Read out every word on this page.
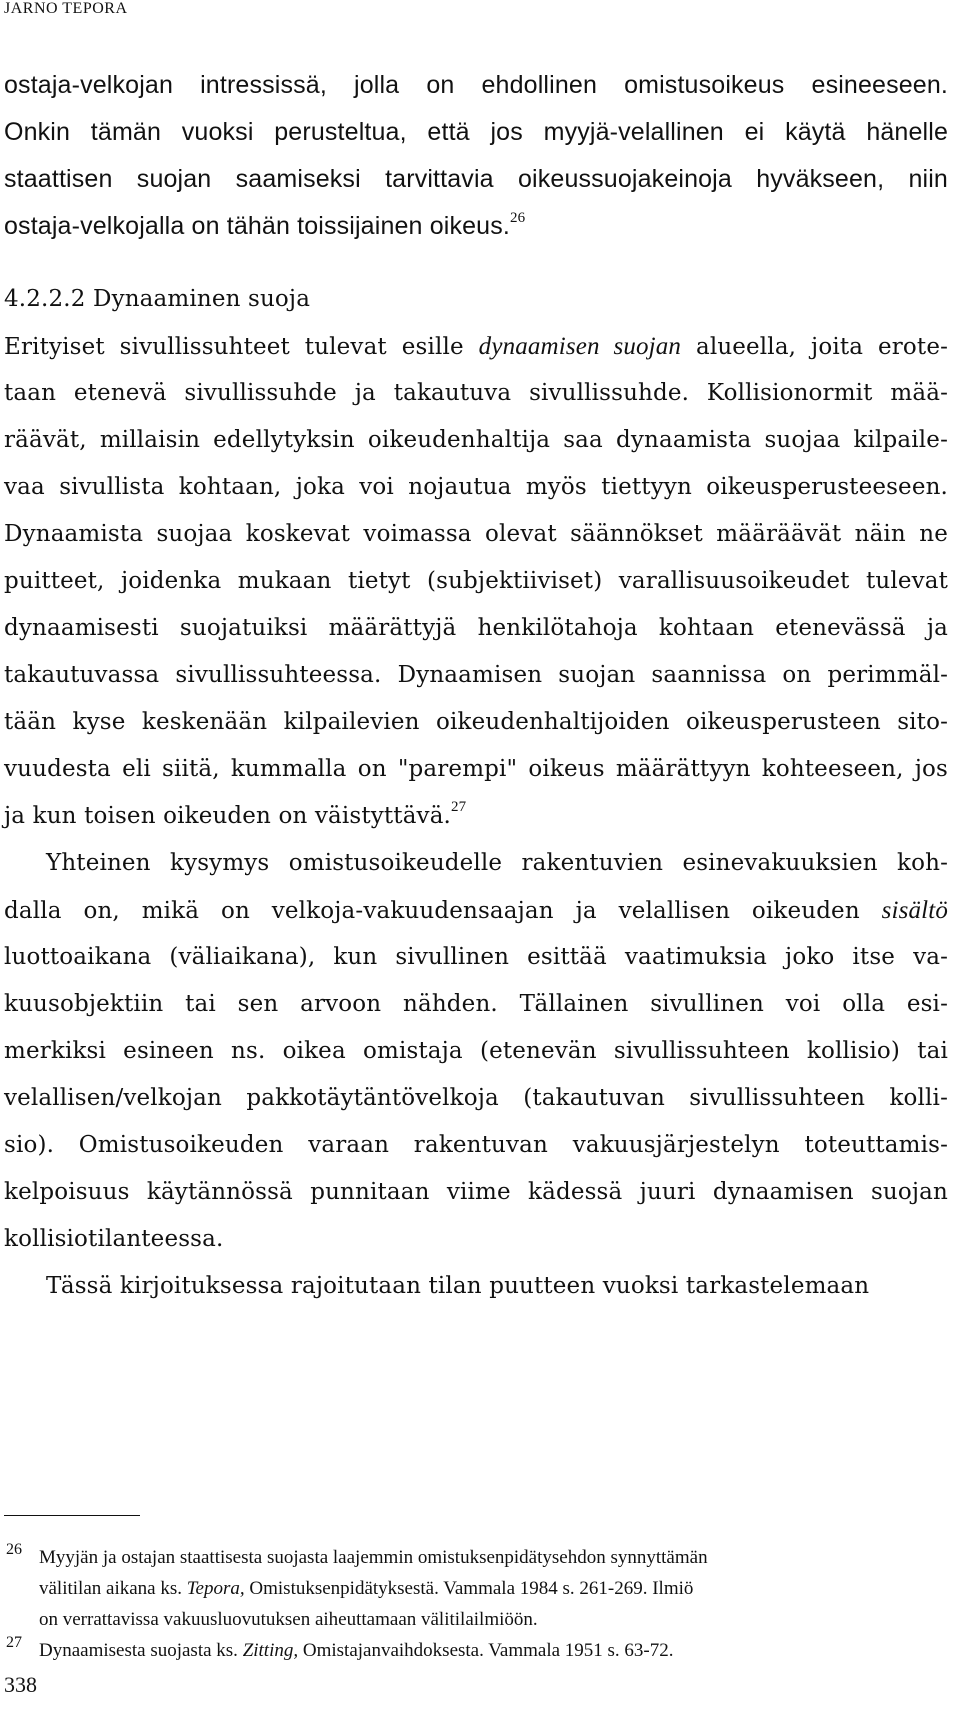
JARNO TEPORA
ostaja-velkojan intressissä, jolla on ehdollinen omistusoikeus esineeseen.
Onkin tämän vuoksi perusteltua, että jos myyjä-velallinen ei käytä hänelle
staattisen suojan saamiseksi tarvittavia oikeussuojakeinoja hyväkseen, niin
ostaja-velkojalla on tähän toissijainen oikeus.$^{26}$
4.2.2.2 Dynaaminen suoja
Erityiset sivullissuhteet tulevat esille dynaamisen suojan alueella, joita erote-
taan etenevä sivullissuhde ja takautuva sivullissuhde. Kollisionormit mää-
räävät, millaisin edellytyksin oikeudenhaltija saa dynaamista suojaa kilpaile-
vaa sivullista kohtaan, joka voi nojautua myös tiettyyn oikeusperusteeseen.
Dynaamista suojaa koskevat voimassa olevat säännökset määräävät näin ne
puitteet, joidenka mukaan tietyt (subjektiiviset) varallisuusoikeudet tulevat
dynaamisesti suojatuiksi määrättyjä henkilötahoja kohtaan etenevässä ja
takautuvassa sivullissuhteessa. Dynaamisen suojan saannissa on perimmäl-
tään kyse keskenään kilpailevien oikeudenhaltijoiden oikeusperusteen sito-
vuudesta eli siitä, kummalla on "parempi" oikeus määrättyyn kohteeseen, jos
ja kun toisen oikeuden on väistyttävä.$^{27}$
Yhteinen kysymys omistusoikeudelle rakentuvien esinevakuuksien koh-
dalla on, mikä on velkoja-vakuudensaajan ja velallisen oikeuden sisältö
luottoaikana (väliaikana), kun sivullinen esittää vaatimuksia joko itse va-
kuusobjektiin tai sen arvoon nähden. Tällainen sivullinen voi olla esi-
merkiksi esineen ns. oikea omistaja (etenevän sivullissuhteen kollisio) tai
velallisen/velkojan pakkotäytäntövelkoja (takautuvan sivullissuhteen kolli-
sio). Omistusoikeuden varaan rakentuvan vakuusjärjestelyn toteuttamis-
kelpoisuus käytännössä punnitaan viime kädessä juuri dynaamisen suojan
kollisiotilanteessa.
Tässä kirjoituksessa rajoitutaan tilan puutteen vuoksi tarkastelemaan
26 Myyjän ja ostajan staattisesta suojasta laajemmin omistuksenpidätysehdon synnyttämän
välitilan aikana ks. Tepora, Omistuksenpidätyksestä. Vammala 1984 s. 261-269. Ilmiö
on verrattavissa vakuusluovutuksen aiheuttamaan välitilailmiöön.
27 Dynaamisesta suojasta ks. Zitting, Omistajanvaihdoksesta. Vammala 1951 s. 63-72.
338
